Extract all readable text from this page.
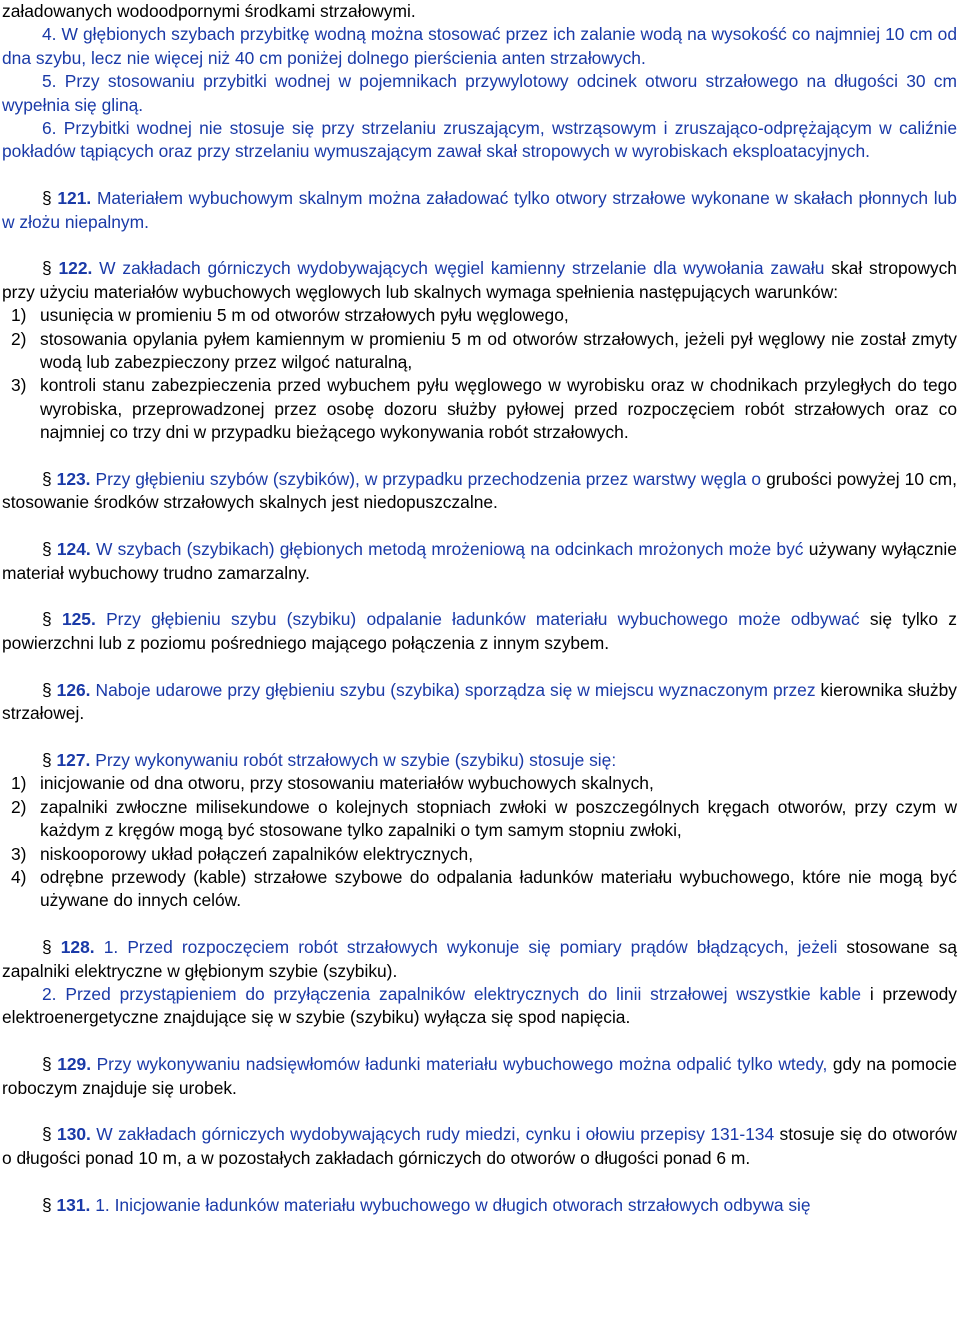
załadowanych wodoodpornymi środkami strzałowymi.

4. W głębionych szybach przybitkę wodną można stosować przez ich zalanie wodą na wysokość co najmniej 10 cm od dna szybu, lecz nie więcej niż 40 cm poniżej dolnego pierścienia anten strzałowych.

5. Przy stosowaniu przybitki wodnej w pojemnikach przywylotowy odcinek otworu strzałowego na długości 30 cm wypełnia się gliną.

6. Przybitki wodnej nie stosuje się przy strzelaniu zruszającym, wstrząsowym i zruszająco-odprężającym w caliźnie pokładów tąpiących oraz przy strzelaniu wymuszającym zawał skał stropowych w wyrobiskach eksploatacyjnych.

§ 121. Materiałem wybuchowym skalnym można załadować tylko otwory strzałowe wykonane w skałach płonnych lub w złożu niepalnym.

§ 122. W zakładach górniczych wydobywających węgiel kamienny strzelanie dla wywołania zawału skał stropowych przy użyciu materiałów wybuchowych węglowych lub skalnych wymaga spełnienia następujących warunków:

1) usunięcia w promieniu 5 m od otworów strzałowych pyłu węglowego,
2) stosowania opylania pyłem kamiennym w promieniu 5 m od otworów strzałowych, jeżeli pył węglowy nie został zmyty wodą lub zabezpieczony przez wilgoć naturalną,
3) kontroli stanu zabezpieczenia przed wybuchem pyłu węglowego w wyrobisku oraz w chodnikach przyległych do tego wyrobiska, przeprowadzonej przez osobę dozoru służby pyłowej przed rozpoczęciem robót strzałowych oraz co najmniej co trzy dni w przypadku bieżącego wykonywania robót strzałowych.

§ 123. Przy głębieniu szybów (szybików), w przypadku przechodzenia przez warstwy węgla o grubości powyżej 10 cm, stosowanie środków strzałowych skalnych jest niedopuszczalne.

§ 124. W szybach (szybikach) głębionych metodą mrożeniową na odcinkach mrożonych może być używany wyłącznie materiał wybuchowy trudno zamarzalny.

§ 125. Przy głębieniu szybu (szybiku) odpalanie ładunków materiału wybuchowego może odbywać się tylko z powierzchni lub z poziomu pośredniego mającego połączenia z innym szybem.

§ 126. Naboje udarowe przy głębieniu szybu (szybika) sporządza się w miejscu wyznaczonym przez kierownika służby strzałowej.

§ 127. Przy wykonywaniu robót strzałowych w szybie (szybiku) stosuje się:

1) inicjowanie od dna otworu, przy stosowaniu materiałów wybuchowych skalnych,
2) zapalniki zwłoczne milisekundowe o kolejnych stopniach zwłoki w poszczególnych kręgach otworów, przy czym w każdym z kręgów mogą być stosowane tylko zapalniki o tym samym stopniu zwłoki,
3) niskooporowy układ połączeń zapalników elektrycznych,
4) odrębne przewody (kable) strzałowe szybowe do odpalania ładunków materiału wybuchowego, które nie mogą być używane do innych celów.

§ 128. 1. Przed rozpoczęciem robót strzałowych wykonuje się pomiary prądów błądzących, jeżeli stosowane są zapalniki elektryczne w głębionym szybie (szybiku).

2. Przed przystąpieniem do przyłączenia zapalników elektrycznych do linii strzałowej wszystkie kable i przewody elektroenergetyczne znajdujące się w szybie (szybiku) wyłącza się spod napięcia.

§ 129. Przy wykonywaniu nadsięwłomów ładunki materiału wybuchowego można odpalić tylko wtedy, gdy na pomocie roboczym znajduje się urobek.

§ 130. W zakładach górniczych wydobywających rudy miedzi, cynku i ołowiu przepisy 131-134 stosuje się do otworów o długości ponad 10 m, a w pozostałych zakładach górniczych do otworów o długości ponad 6 m.

§ 131. 1. Inicjowanie ładunków materiału wybuchowego w długich otworach strzałowych odbywa się
